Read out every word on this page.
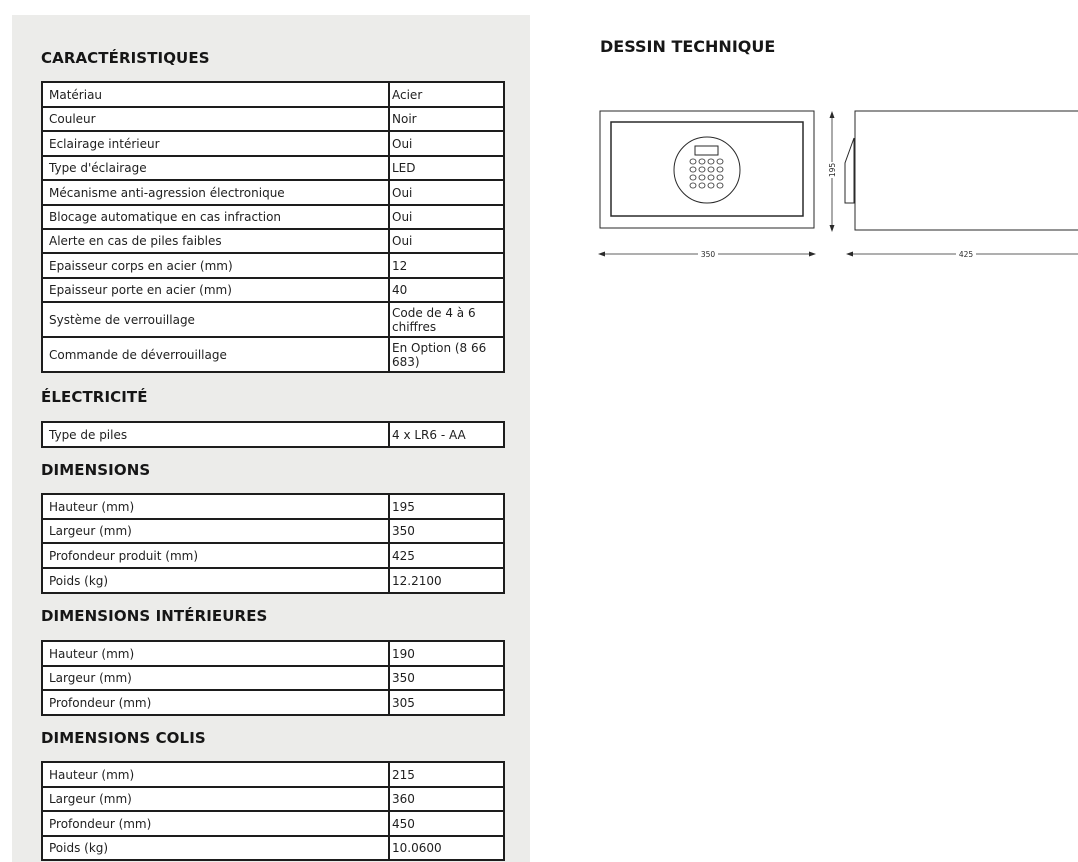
CARACTÉRISTIQUES
Matériau	Acier
Couleur	Noir
Eclairage intérieur	Oui
Type d'éclairage	LED
Mécanisme anti-agression électronique	Oui
Blocage automatique en cas infraction	Oui
Alerte en cas de piles faibles	Oui
Epaisseur corps en acier (mm)	12
Epaisseur porte en acier (mm)	40
Système de verrouillage	Code de 4 à 6 chiffres
Commande de déverrouillage	En Option (8 66 683)
ÉLECTRICITÉ
Type de piles	4 x LR6 - AA
DIMENSIONS
Hauteur (mm)	195
Largeur (mm)	350
Profondeur produit (mm)	425
Poids (kg)	12.2100
DIMENSIONS INTÉRIEURES
Hauteur (mm)	190
Largeur (mm)	350
Profondeur (mm)	305
DIMENSIONS COLIS
Hauteur (mm)	215
Largeur (mm)	360
Profondeur (mm)	450
Poids (kg)	10.0600
DESSIN TECHNIQUE
195
350	425
